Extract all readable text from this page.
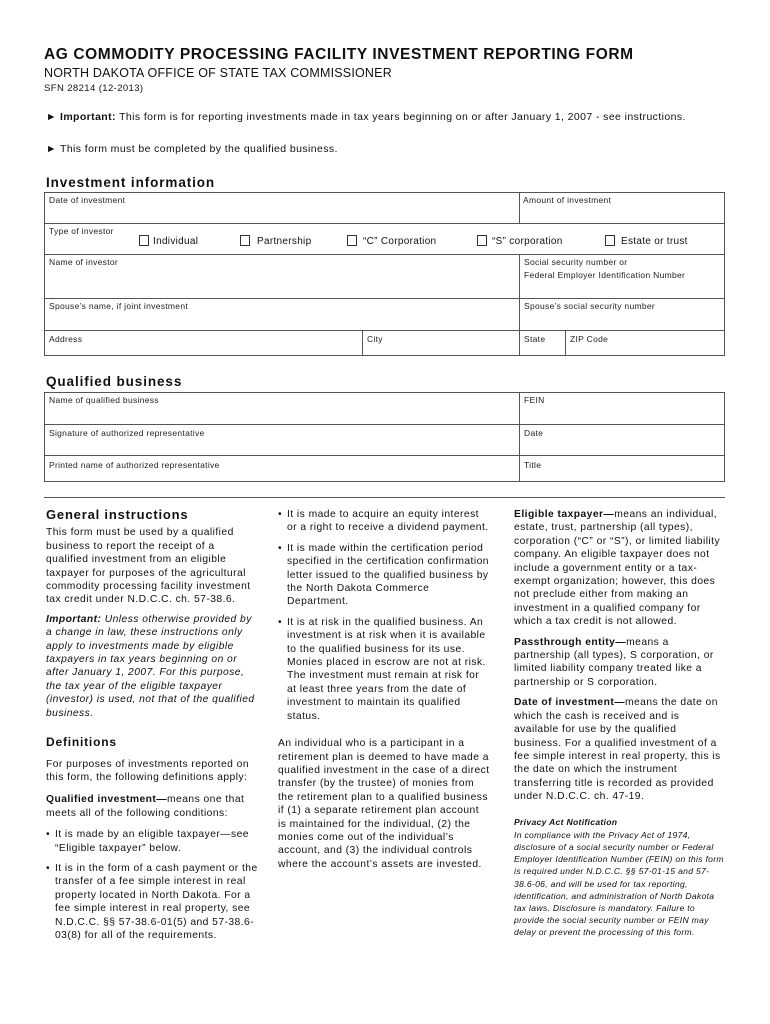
AG COMMODITY PROCESSING FACILITY INVESTMENT REPORTING FORM
NORTH DAKOTA OFFICE OF STATE TAX COMMISSIONER
SFN 28214 (12-2013)
► Important: This form is for reporting investments made in tax years beginning on or after January 1, 2007 - see instructions.
► This form must be completed by the qualified business.
Investment information
Date of investment	Amount of investment
Type of investor
Individual	Partnership	“C” Corporation	“S” corporation	Estate or trust
Name of investor	Social security number or
Federal Employer Identification Number
Spouse’s name, if joint investment	Spouse’s social security number
Address	City	State	ZIP Code
Qualified business
Name of qualified business	FEIN
Signature of authorized representative	Date
Printed name of authorized representative	Title

General instructions

This form must be used by a qualified business to report the receipt of a qualified investment from an eligible taxpayer for purposes of the agricultural commodity processing facility investment tax credit under N.D.C.C. ch. 57-38.6.

Important: Unless otherwise provided by a change in law, these instructions only apply to investments made by eligible taxpayers in tax years beginning on or after January 1, 2007. For this purpose, the tax year of the eligible taxpayer (investor) is used, not that of the qualified business.

Definitions

For purposes of investments reported on this form, the following definitions apply:

Qualified investment—means one that meets all of the following conditions:

• It is made by an eligible taxpayer—see “Eligible taxpayer” below.
• It is in the form of a cash payment or the transfer of a fee simple interest in real property located in North Dakota. For a fee simple interest in real property, see N.D.C.C. §§ 57-38.6-01(5) and 57-38.6-03(8) for all of the requirements.
• It is made to acquire an equity interest or a right to receive a dividend payment.
• It is made within the certification period specified in the certification confirmation letter issued to the qualified business by the North Dakota Commerce Department.
• It is at risk in the qualified business. An investment is at risk when it is available to the qualified business for its use. Monies placed in escrow are not at risk. The investment must remain at risk for at least three years from the date of investment to maintain its qualified status.

An individual who is a participant in a retirement plan is deemed to have made a qualified investment in the case of a direct transfer (by the trustee) of monies from the retirement plan to a qualified business if (1) a separate retirement plan account is maintained for the individual, (2) the monies come out of the individual’s account, and (3) the individual controls where the account’s assets are invested.

Eligible taxpayer—means an individual, estate, trust, partnership (all types), corporation (“C” or “S”), or limited liability company. An eligible taxpayer does not include a government entity or a tax-exempt organization; however, this does not preclude either from making an investment in a qualified company for which a tax credit is not allowed.

Passthrough entity—means a partnership (all types), S corporation, or limited liability company treated like a partnership or S corporation.

Date of investment—means the date on which the cash is received and is available for use by the qualified business. For a qualified investment of a fee simple interest in real property, this is the date on which the instrument transferring title is recorded as provided under N.D.C.C. ch. 47-19.

Privacy Act Notification
In compliance with the Privacy Act of 1974, disclosure of a social security number or Federal Employer Identification Number (FEIN) on this form is required under N.D.C.C. §§ 57-01-15 and 57-38.6-06, and will be used for tax reporting, identification, and administration of North Dakota tax laws. Disclosure is mandatory. Failure to provide the social security number or FEIN may delay or prevent the processing of this form.
